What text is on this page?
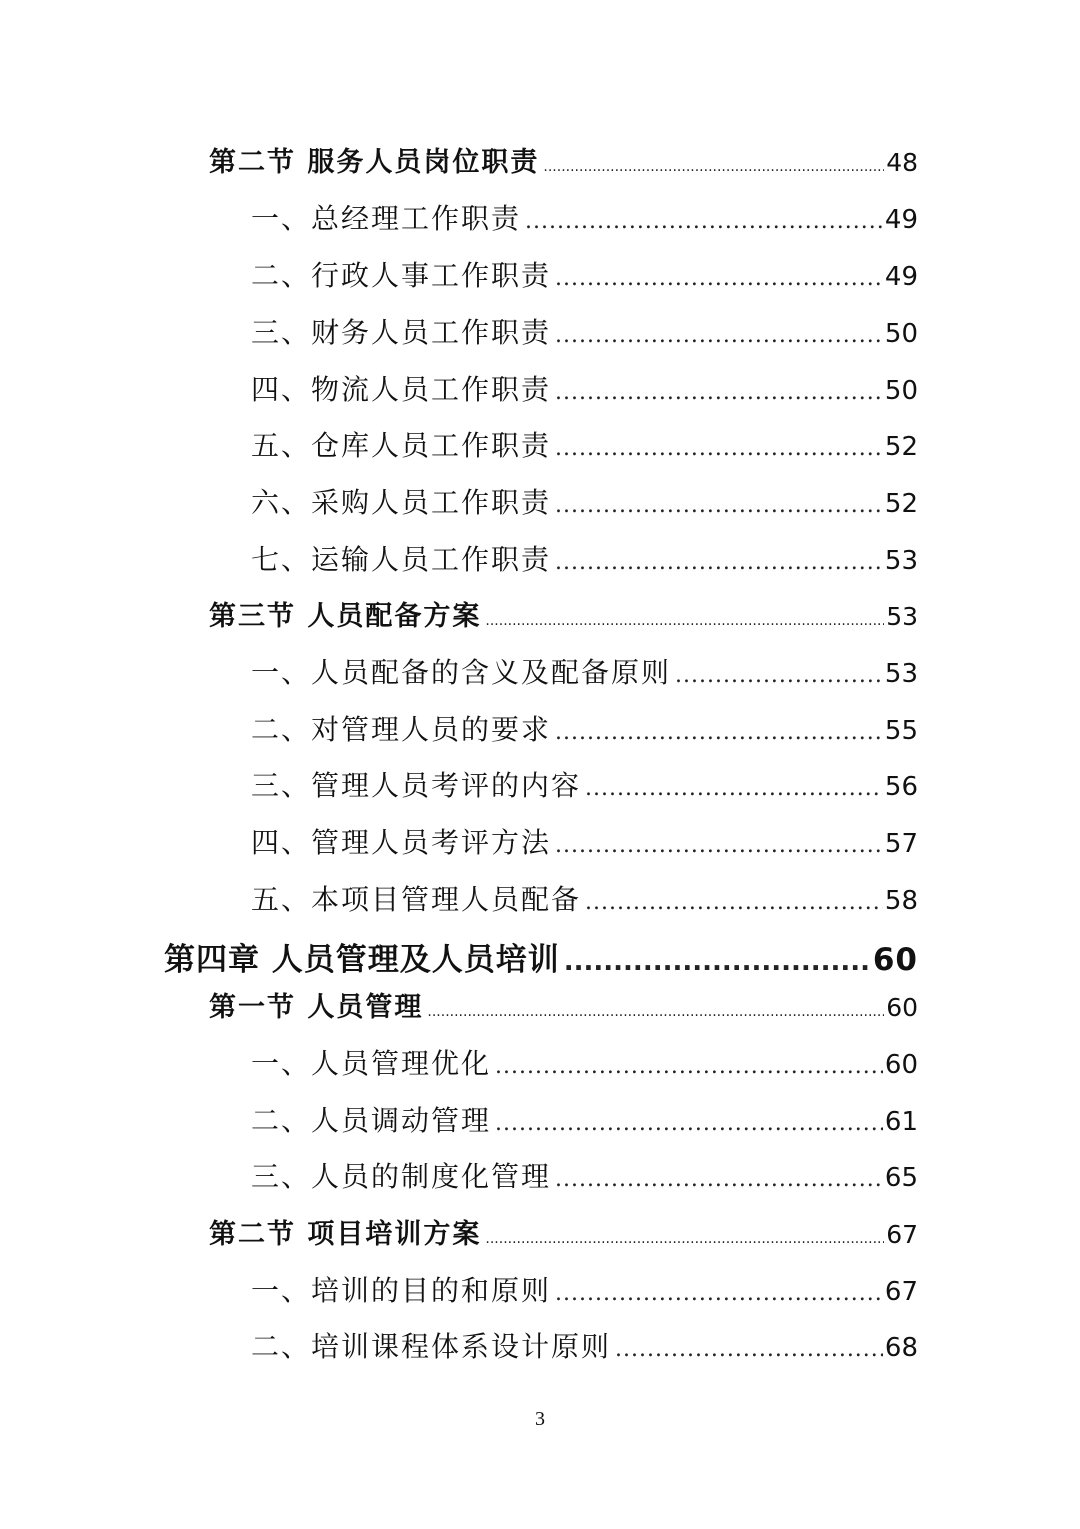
第二节 服务人员岗位职责 .....	48
一、总经理工作职责 .....	49
二、行政人事工作职责 .....	49
三、财务人员工作职责 .....	50
四、物流人员工作职责 .....	50
五、仓库人员工作职责 .....	52
六、采购人员工作职责 .....	52
七、运输人员工作职责 .....	53
第三节 人员配备方案 .....	53
一、人员配备的含义及配备原则 .....	53
二、对管理人员的要求 .....	55
三、管理人员考评的内容 .....	56
四、管理人员考评方法 .....	57
五、本项目管理人员配备 .....	58
第四章 人员管理及人员培训 .....	60
第一节 人员管理 .....	60
一、人员管理优化 .....	60
二、人员调动管理 .....	61
三、人员的制度化管理 .....	65
第二节 项目培训方案 .....	67
一、培训的目的和原则 .....	67
二、培训课程体系设计原则 .....	68
3
